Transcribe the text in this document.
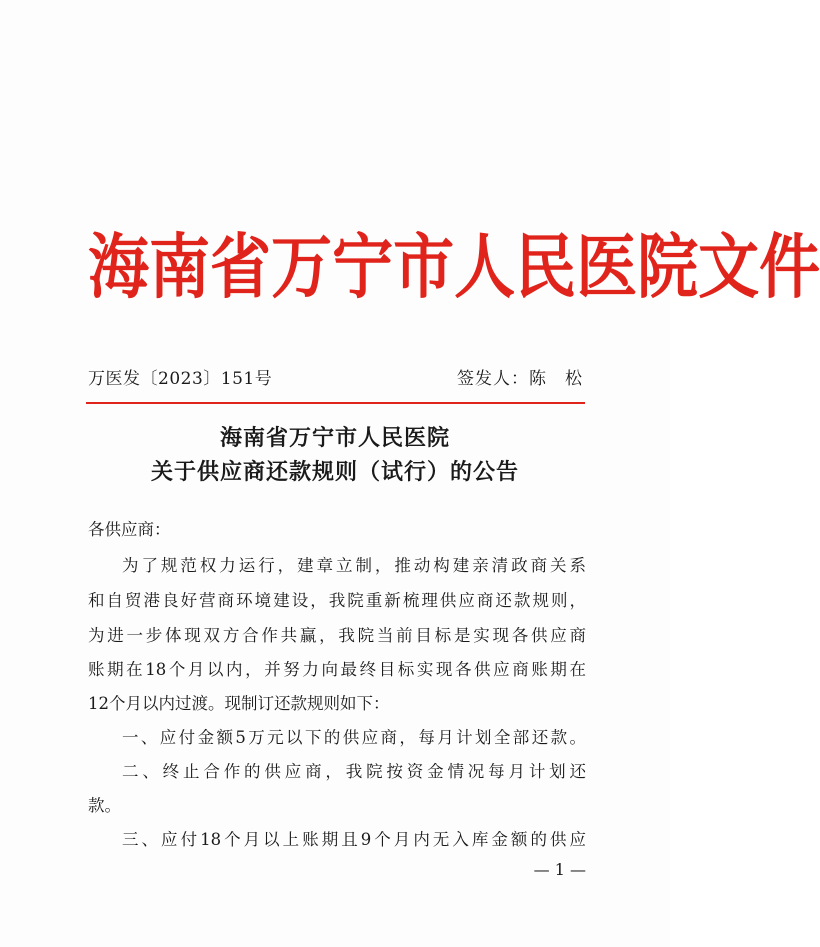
海 南 省 万 宁 市 人 民 医 院 文 件
万医发〔2023〕151号	签发人：陈　松
海南省万宁市人民医院
关于供应商还款规则（试行）的公告
各供应商：
为了规范权力运行，建章立制，推动构建亲清政商关系
和自贸港良好营商环境建设，我院重新梳理供应商还款规则，
为进一步体现双方合作共赢，我院当前目标是实现各供应商
账期在18个月以内，并努力向最终目标实现各供应商账期在
12个月以内过渡。现制订还款规则如下：
一、应付金额5万元以下的供应商，每月计划全部还款。
二、终止合作的供应商，我院按资金情况每月计划还
款。
三、应付18个月以上账期且9个月内无入库金额的供应
— 1 —
